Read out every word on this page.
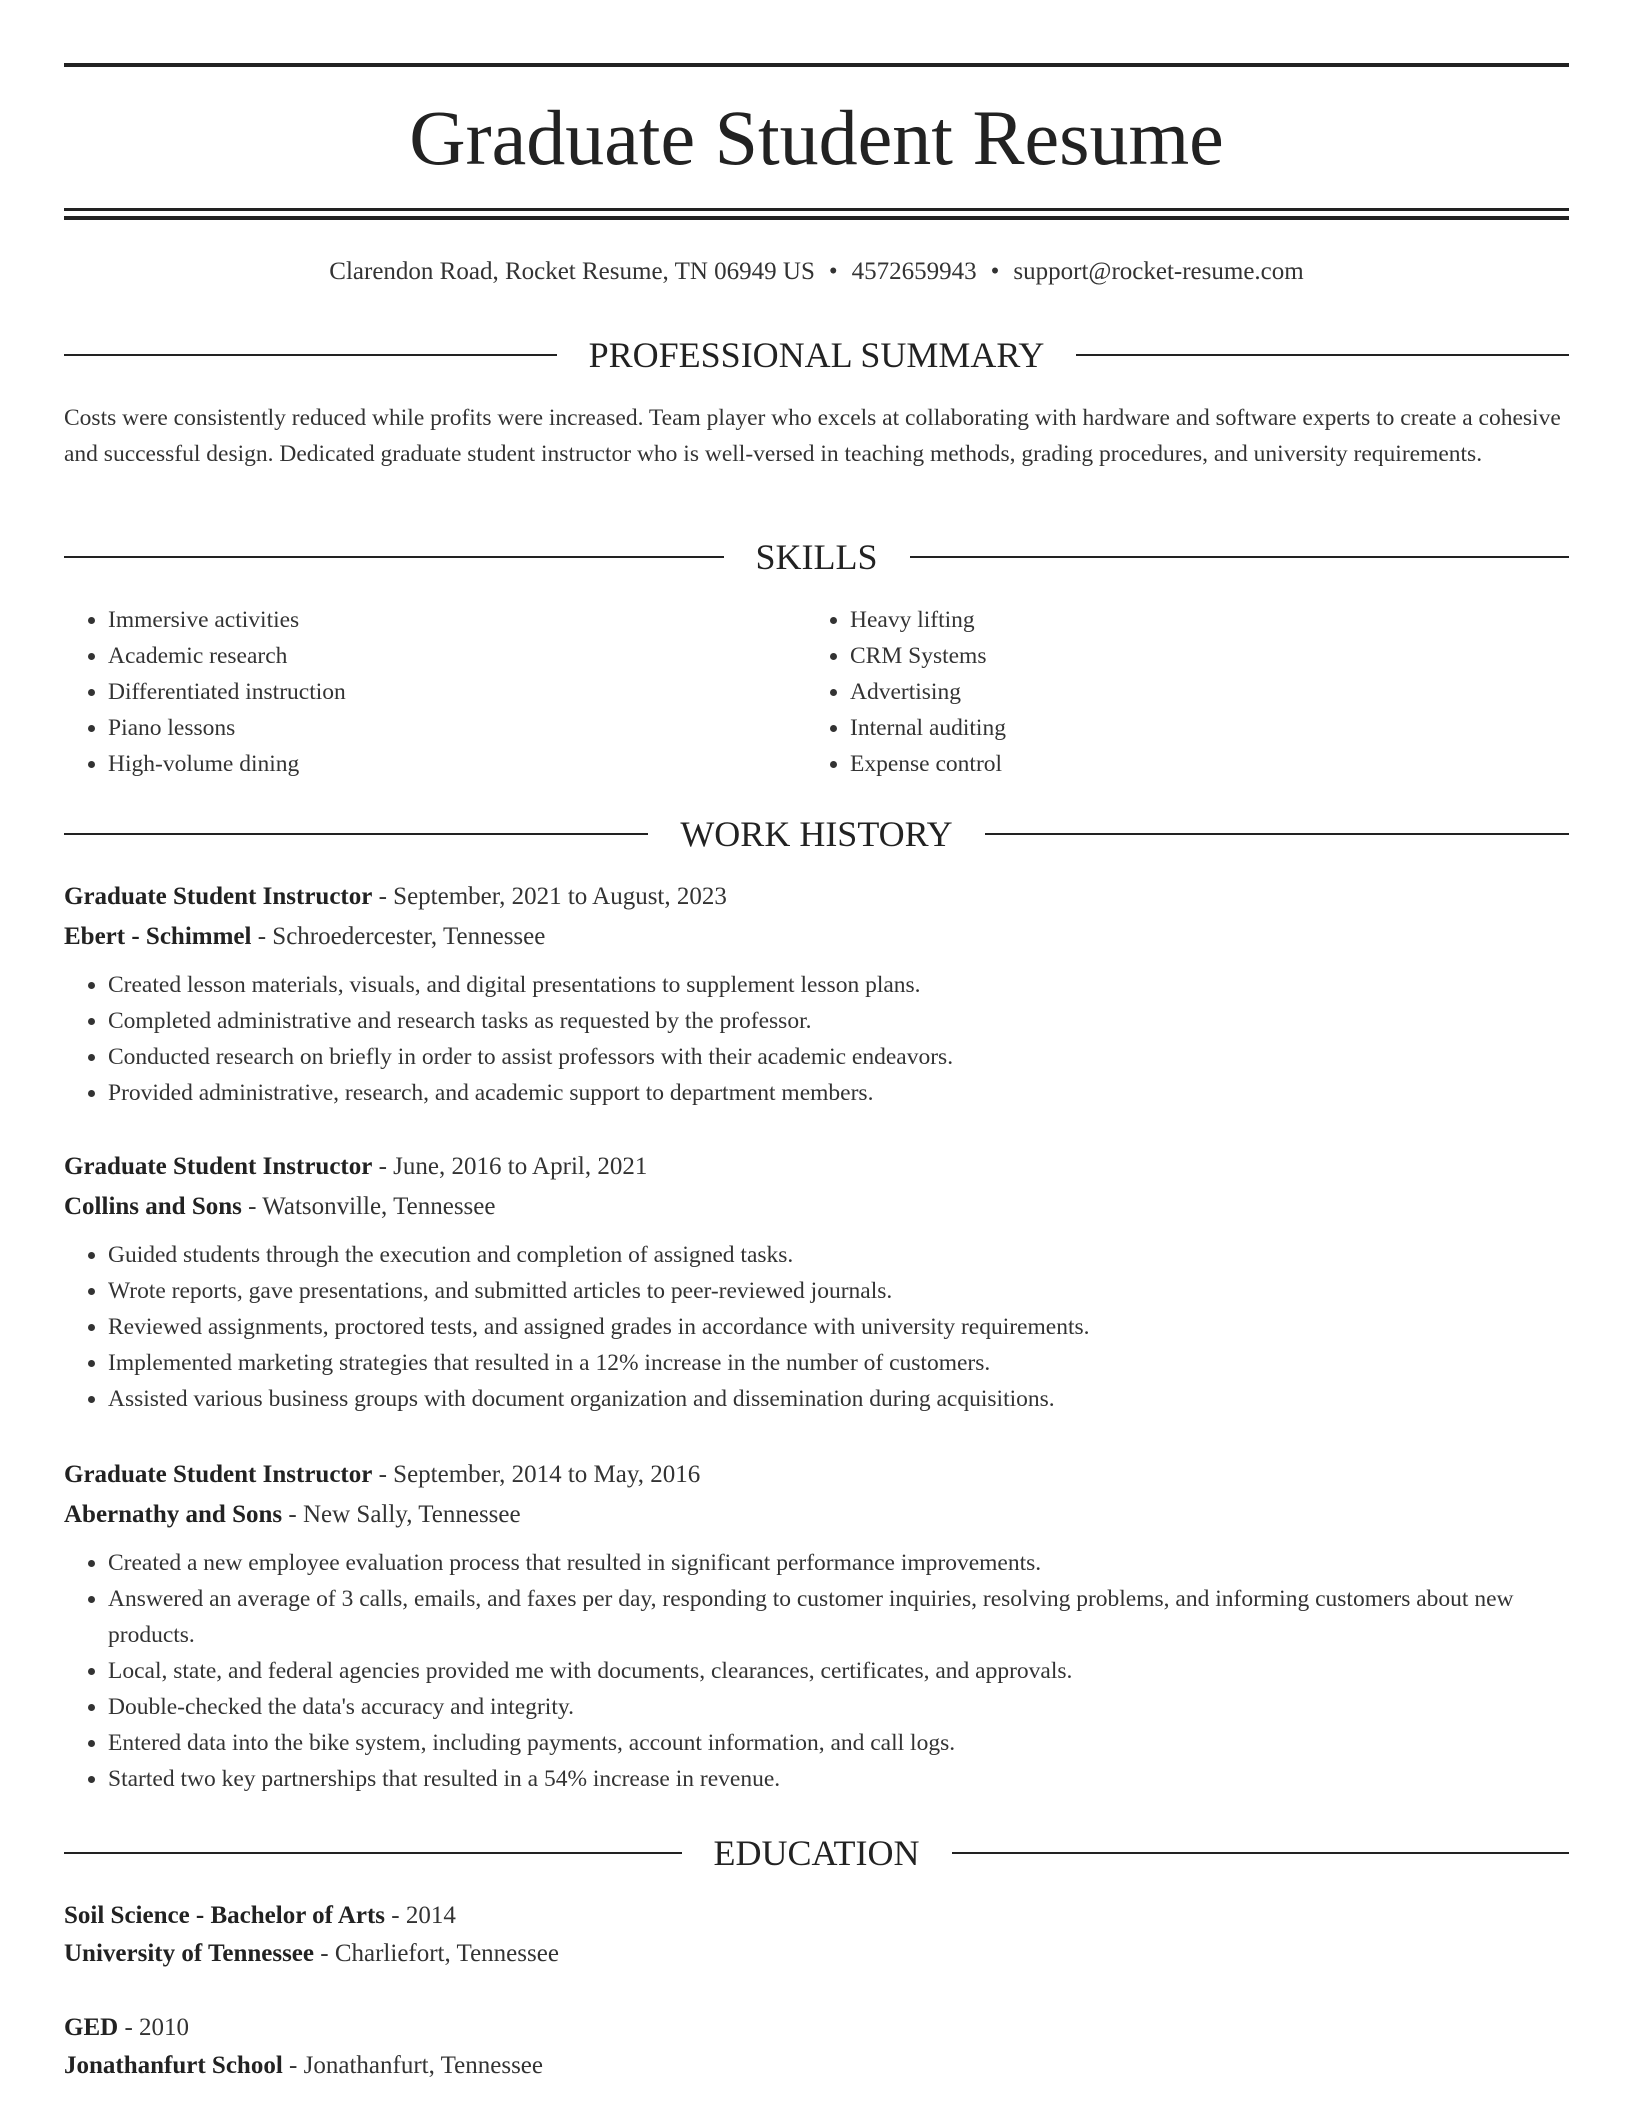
Graduate Student Resume
Clarendon Road, Rocket Resume, TN 06949 US • 4572659943 • support@rocket-resume.com
PROFESSIONAL SUMMARY

Costs were consistently reduced while profits were increased. Team player who excels at collaborating with hardware and software experts to create a cohesive and successful design. Dedicated graduate student instructor who is well-versed in teaching methods, grading procedures, and university requirements.

SKILLS
• Immersive activities
• Academic research
• Differentiated instruction
• Piano lessons
• High-volume dining
• Heavy lifting
• CRM Systems
• Advertising
• Internal auditing
• Expense control
WORK HISTORY
Graduate Student Instructor - September, 2021 to August, 2023
Ebert - Schimmel - Schroedercester, Tennessee
• Created lesson materials, visuals, and digital presentations to supplement lesson plans.
• Completed administrative and research tasks as requested by the professor.
• Conducted research on briefly in order to assist professors with their academic endeavors.
• Provided administrative, research, and academic support to department members.
Graduate Student Instructor - June, 2016 to April, 2021
Collins and Sons - Watsonville, Tennessee
• Guided students through the execution and completion of assigned tasks.
• Wrote reports, gave presentations, and submitted articles to peer-reviewed journals.
• Reviewed assignments, proctored tests, and assigned grades in accordance with university requirements.
• Implemented marketing strategies that resulted in a 12% increase in the number of customers.
• Assisted various business groups with document organization and dissemination during acquisitions.
Graduate Student Instructor - September, 2014 to May, 2016
Abernathy and Sons - New Sally, Tennessee
• Created a new employee evaluation process that resulted in significant performance improvements.
• Answered an average of 3 calls, emails, and faxes per day, responding to customer inquiries, resolving problems, and informing customers about new products.
• Local, state, and federal agencies provided me with documents, clearances, certificates, and approvals.
• Double-checked the data's accuracy and integrity.
• Entered data into the bike system, including payments, account information, and call logs.
• Started two key partnerships that resulted in a 54% increase in revenue.
EDUCATION
Soil Science - Bachelor of Arts - 2014
University of Tennessee - Charliefort, Tennessee
GED - 2010
Jonathanfurt School - Jonathanfurt, Tennessee
